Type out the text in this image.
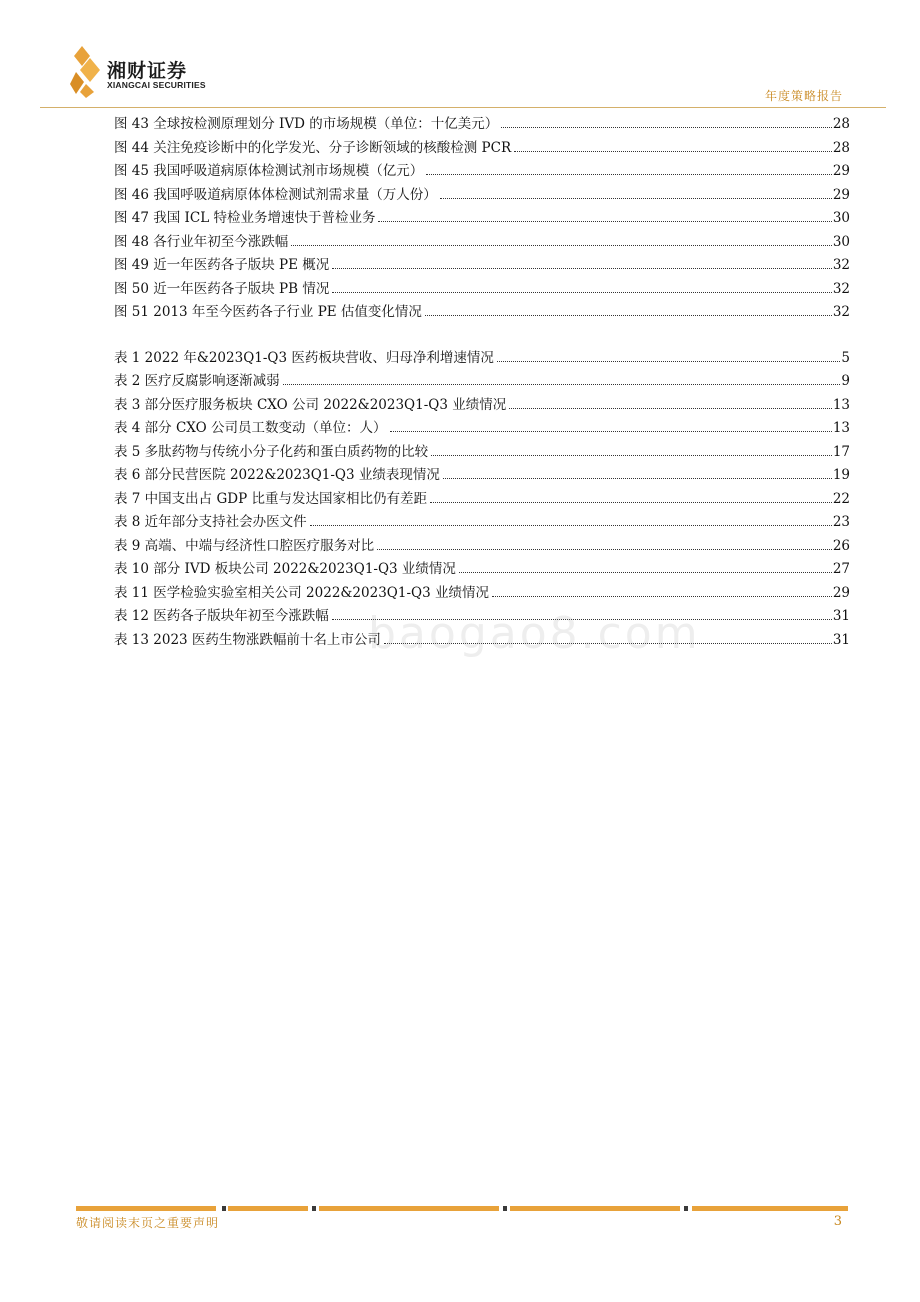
湘财证券
XIANGCAI SECURITIES
年度策略报告
图 43 全球按检测原理划分 IVD 的市场规模（单位：十亿美元）	28
图 44 关注免疫诊断中的化学发光、分子诊断领域的核酸检测 PCR	28
图 45 我国呼吸道病原体检测试剂市场规模（亿元）	29
图 46 我国呼吸道病原体体检测试剂需求量（万人份）	29
图 47 我国 ICL 特检业务增速快于普检业务	30
图 48 各行业年初至今涨跌幅	30
图 49 近一年医药各子版块 PE 概况	32
图 50 近一年医药各子版块 PB 情况	32
图 51 2013 年至今医药各子行业 PE 估值变化情况	32
表 1 2022 年&2023Q1-Q3 医药板块营收、归母净利增速情况	5
表 2 医疗反腐影响逐渐减弱	9
表 3 部分医疗服务板块 CXO 公司 2022&2023Q1-Q3 业绩情况	13
表 4 部分 CXO 公司员工数变动（单位：人）	13
表 5 多肽药物与传统小分子化药和蛋白质药物的比较	17
表 6 部分民营医院 2022&2023Q1-Q3 业绩表现情况	19
表 7 中国支出占 GDP 比重与发达国家相比仍有差距	22
表 8 近年部分支持社会办医文件	23
表 9 高端、中端与经济性口腔医疗服务对比	26
表 10 部分 IVD 板块公司 2022&2023Q1-Q3 业绩情况	27
表 11 医学检验实验室相关公司 2022&2023Q1-Q3 业绩情况	29
表 12 医药各子版块年初至今涨跌幅	31
表 13 2023 医药生物涨跌幅前十名上市公司	31
baogao8.com
敬请阅读末页之重要声明	3
